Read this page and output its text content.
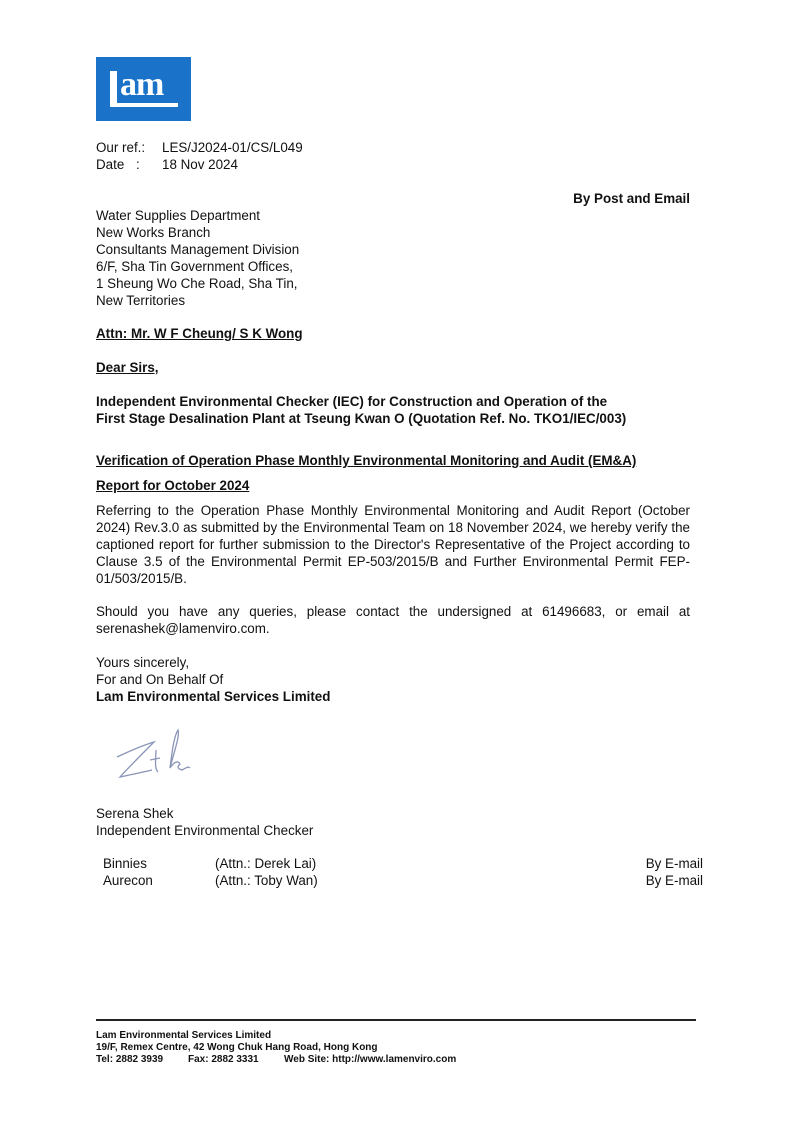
am
Our ref.:	LES/J2024-01/CS/L049
Date :	18 Nov 2024
By Post and Email
Water Supplies Department
New Works Branch
Consultants Management Division
6/F, Sha Tin Government Offices,
1 Sheung Wo Che Road, Sha Tin,
New Territories
Attn: Mr. W F Cheung/ S K Wong
Dear Sirs,
Independent Environmental Checker (IEC) for Construction and Operation of the
First Stage Desalination Plant at Tseung Kwan O (Quotation Ref. No. TKO1/IEC/003)
Verification of Operation Phase Monthly Environmental Monitoring and Audit (EM&A)
Report for October 2024
Referring to the Operation Phase Monthly Environmental Monitoring and Audit Report (October 2024) Rev.3.0 as submitted by the Environmental Team on 18 November 2024, we hereby verify the captioned report for further submission to the Director's Representative of the Project according to Clause 3.5 of the Environmental Permit EP-503/2015/B and Further Environmental Permit FEP-01/503/2015/B.
Should you have any queries, please contact the undersigned at 61496683, or email at serenashek@lamenviro.com.
Yours sincerely,
For and On Behalf Of
Lam Environmental Services Limited
Serena Shek
Independent Environmental Checker
Binnies	(Attn.: Derek Lai)	By E-mail
Aurecon	(Attn.: Toby Wan)	By E-mail
Lam Environmental Services Limited
19/F, Remex Centre, 42 Wong Chuk Hang Road, Hong Kong
Tel: 2882 3939	Fax: 2882 3331	Web Site: http://www.lamenviro.com
